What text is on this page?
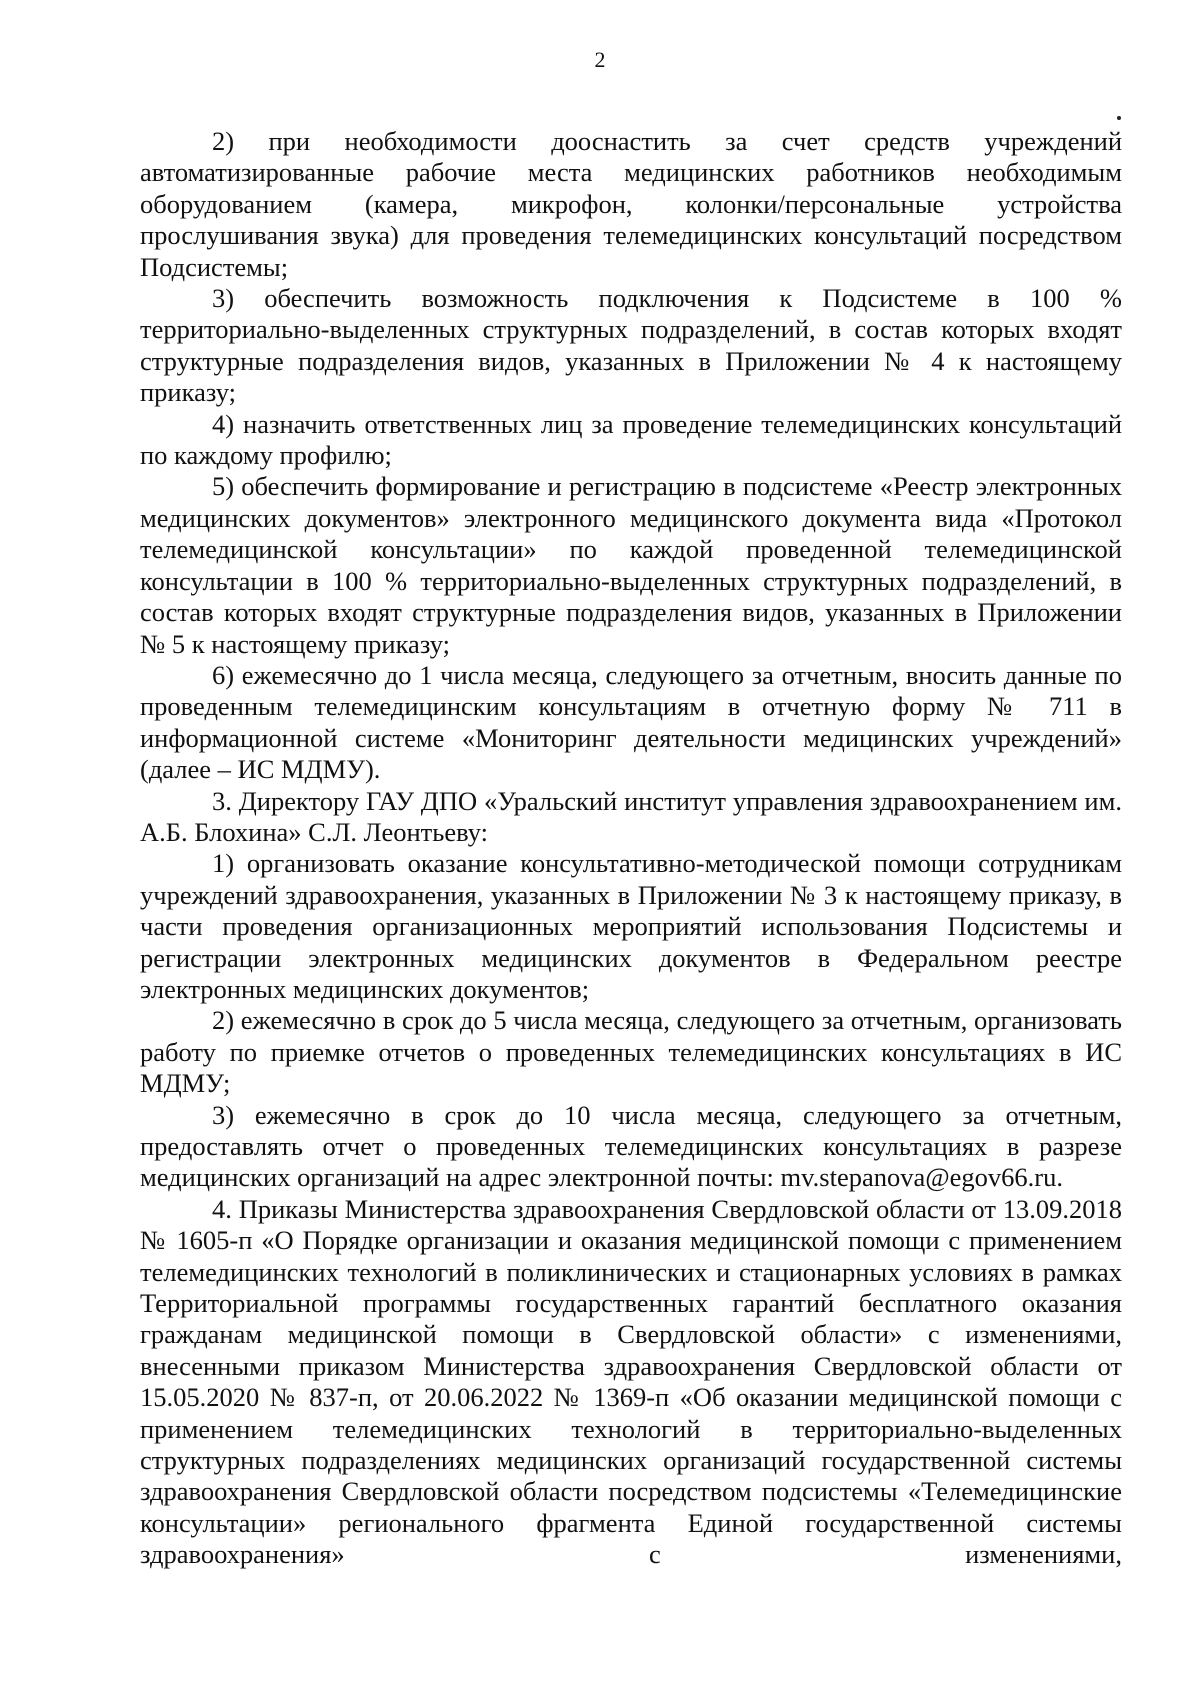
2

2) при необходимости дооснастить за счет средств учреждений автоматизированные рабочие места медицинских работников необходимым оборудованием (камера, микрофон, колонки/персональные устройства прослушивания звука) для проведения телемедицинских консультаций посредством Подсистемы;

3) обеспечить возможность подключения к Подсистеме в 100 % территориально-выделенных структурных подразделений, в состав которых входят структурные подразделения видов, указанных в Приложении № 4 к настоящему приказу;

4) назначить ответственных лиц за проведение телемедицинских консультаций по каждому профилю;

5) обеспечить формирование и регистрацию в подсистеме «Реестр электронных медицинских документов» электронного медицинского документа вида «Протокол телемедицинской консультации» по каждой проведенной телемедицинской консультации в 100 % территориально-выделенных структурных подразделений, в состав которых входят структурные подразделения видов, указанных в Приложении № 5 к настоящему приказу;

6) ежемесячно до 1 числа месяца, следующего за отчетным, вносить данные по проведенным телемедицинским консультациям в отчетную форму № 711 в информационной системе «Мониторинг деятельности медицинских учреждений» (далее – ИС МДМУ).

3. Директору ГАУ ДПО «Уральский институт управления здравоохранением им. А.Б. Блохина» С.Л. Леонтьеву:

1) организовать оказание консультативно-методической помощи сотрудникам учреждений здравоохранения, указанных в Приложении № 3 к настоящему приказу, в части проведения организационных мероприятий использования Подсистемы и регистрации электронных медицинских документов в Федеральном реестре электронных медицинских документов;

2) ежемесячно в срок до 5 числа месяца, следующего за отчетным, организовать работу по приемке отчетов о проведенных телемедицинских консультациях в ИС МДМУ;

3) ежемесячно в срок до 10 числа месяца, следующего за отчетным, предоставлять отчет о проведенных телемедицинских консультациях в разрезе медицинских организаций на адрес электронной почты: mv.stepanova@egov66.ru.

4. Приказы Министерства здравоохранения Свердловской области от 13.09.2018 № 1605-п «О Порядке организации и оказания медицинской помощи с применением телемедицинских технологий в поликлинических и стационарных условиях в рамках Территориальной программы государственных гарантий бесплатного оказания гражданам медицинской помощи в Свердловской области» с изменениями, внесенными приказом Министерства здравоохранения Свердловской области от 15.05.2020 № 837-п, от 20.06.2022 № 1369-п «Об оказании медицинской помощи с применением телемедицинских технологий в территориально-выделенных структурных подразделениях медицинских организаций государственной системы здравоохранения Свердловской области посредством подсистемы «Телемедицинские консультации» регионального фрагмента Единой государственной системы здравоохранения» с изменениями,
